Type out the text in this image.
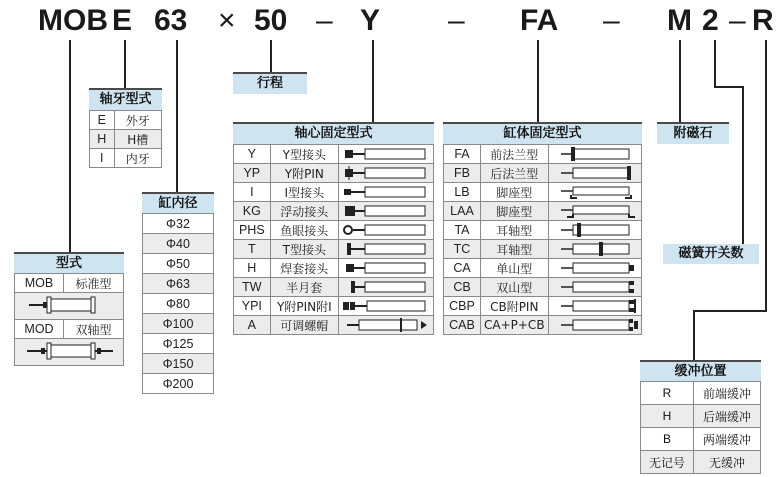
MOB E 63 × 50 – Y – FA – M 2 – R
轴牙型式
E	外牙
H	H槽
I	内牙
缸内径
Φ32
Φ40
Φ50
Φ63
Φ80
Φ100
Φ125
Φ150
Φ200
行程
轴心固定型式
Y	Y型接头	

YP	Y附PIN	

I	I型接头	

KG	浮动接头	

PHS	鱼眼接头	

T	T型接头	

H	焊套接头	

TW	半月套	

YPI	Y附PIN附I	

A	可调螺帽	
缸体固定型式
FA	前法兰型	

FB	后法兰型	

LB	脚座型	

LAA	脚座型	

TA	耳轴型	

TC	耳轴型	

CA	单山型	

CB	双山型	

CBP	CB附PIN	

CAB	CA+P+CB	
附磁石
磁簧开关数
型式
MOB	标准型

MOD	双轴型

缓冲位置
R	前端缓冲
H	后端缓冲
B	两端缓冲
无记号	无缓冲
